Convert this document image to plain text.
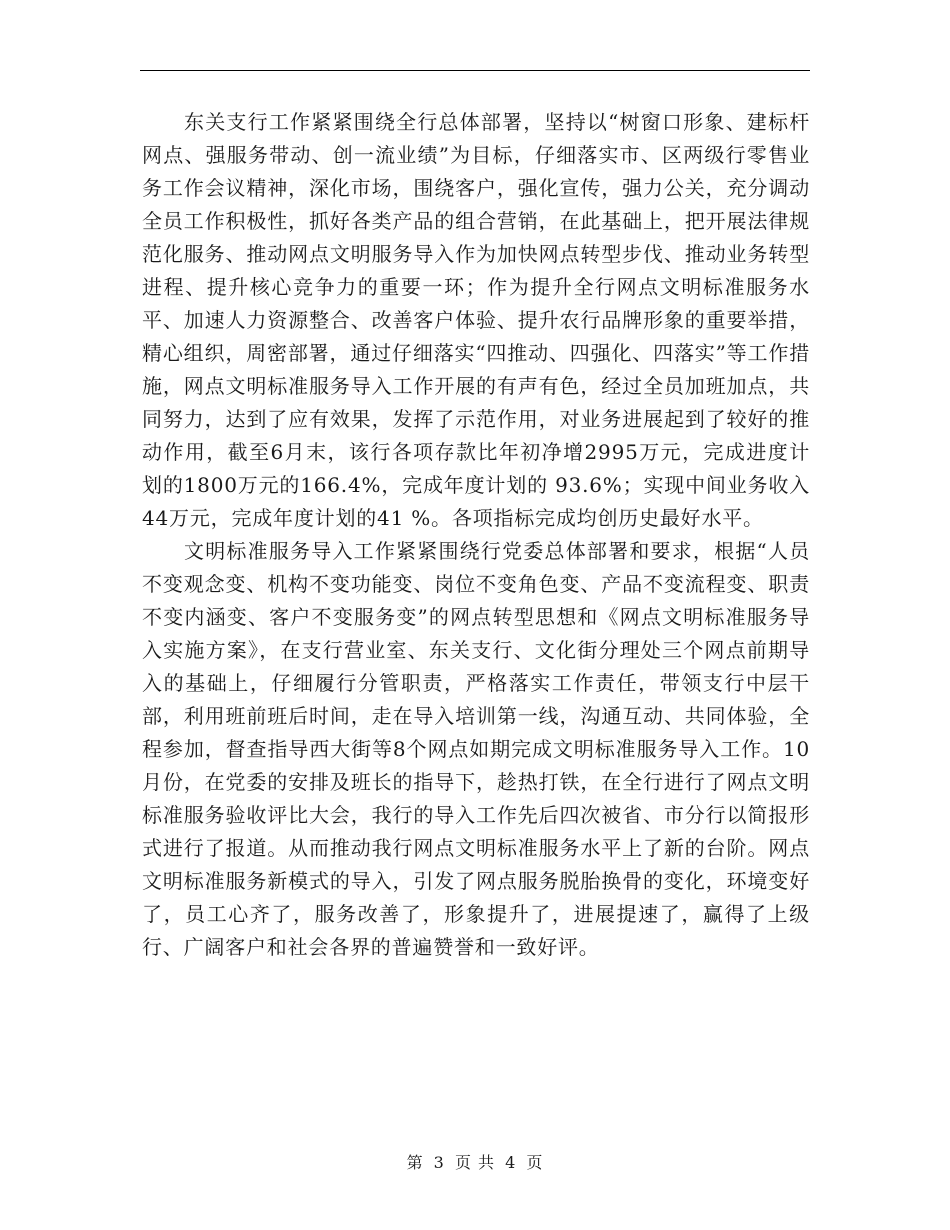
东关支行工作紧紧围绕全行总体部署，坚持以“树窗口形象、建标杆网点、强服务带动、创一流业绩”为目标，仔细落实市、区两级行零售业务工作会议精神，深化市场，围绕客户，强化宣传，强力公关，充分调动全员工作积极性，抓好各类产品的组合营销，在此基础上，把开展法律规范化服务、推动网点文明服务导入作为加快网点转型步伐、推动业务转型进程、提升核心竞争力的重要一环；作为提升全行网点文明标准服务水平、加速人力资源整合、改善客户体验、提升农行品牌形象的重要举措，精心组织，周密部署，通过仔细落实“四推动、四强化、四落实”等工作措施，网点文明标准服务导入工作开展的有声有色，经过全员加班加点，共同努力，达到了应有效果，发挥了示范作用，对业务进展起到了较好的推动作用，截至6月末，该行各项存款比年初净增2995万元，完成进度计划的1800万元的166.4%，完成年度计划的 93.6%；实现中间业务收入44万元，完成年度计划的41 %。各项指标完成均创历史最好水平。

文明标准服务导入工作紧紧围绕行党委总体部署和要求，根据“人员不变观念变、机构不变功能变、岗位不变角色变、产品不变流程变、职责不变内涵变、客户不变服务变”的网点转型思想和《网点文明标准服务导入实施方案》，在支行营业室、东关支行、文化街分理处三个网点前期导入的基础上，仔细履行分管职责，严格落实工作责任，带领支行中层干部，利用班前班后时间，走在导入培训第一线，沟通互动、共同体验，全程参加，督查指导西大街等8个网点如期完成文明标准服务导入工作。10月份，在党委的安排及班长的指导下，趁热打铁，在全行进行了网点文明标准服务验收评比大会，我行的导入工作先后四次被省、市分行以简报形式进行了报道。从而推动我行网点文明标准服务水平上了新的台阶。网点文明标准服务新模式的导入，引发了网点服务脱胎换骨的变化，环境变好了，员工心齐了，服务改善了，形象提升了，进展提速了，赢得了上级行、广阔客户和社会各界的普遍赞誉和一致好评。

第 3 页 共 4 页
